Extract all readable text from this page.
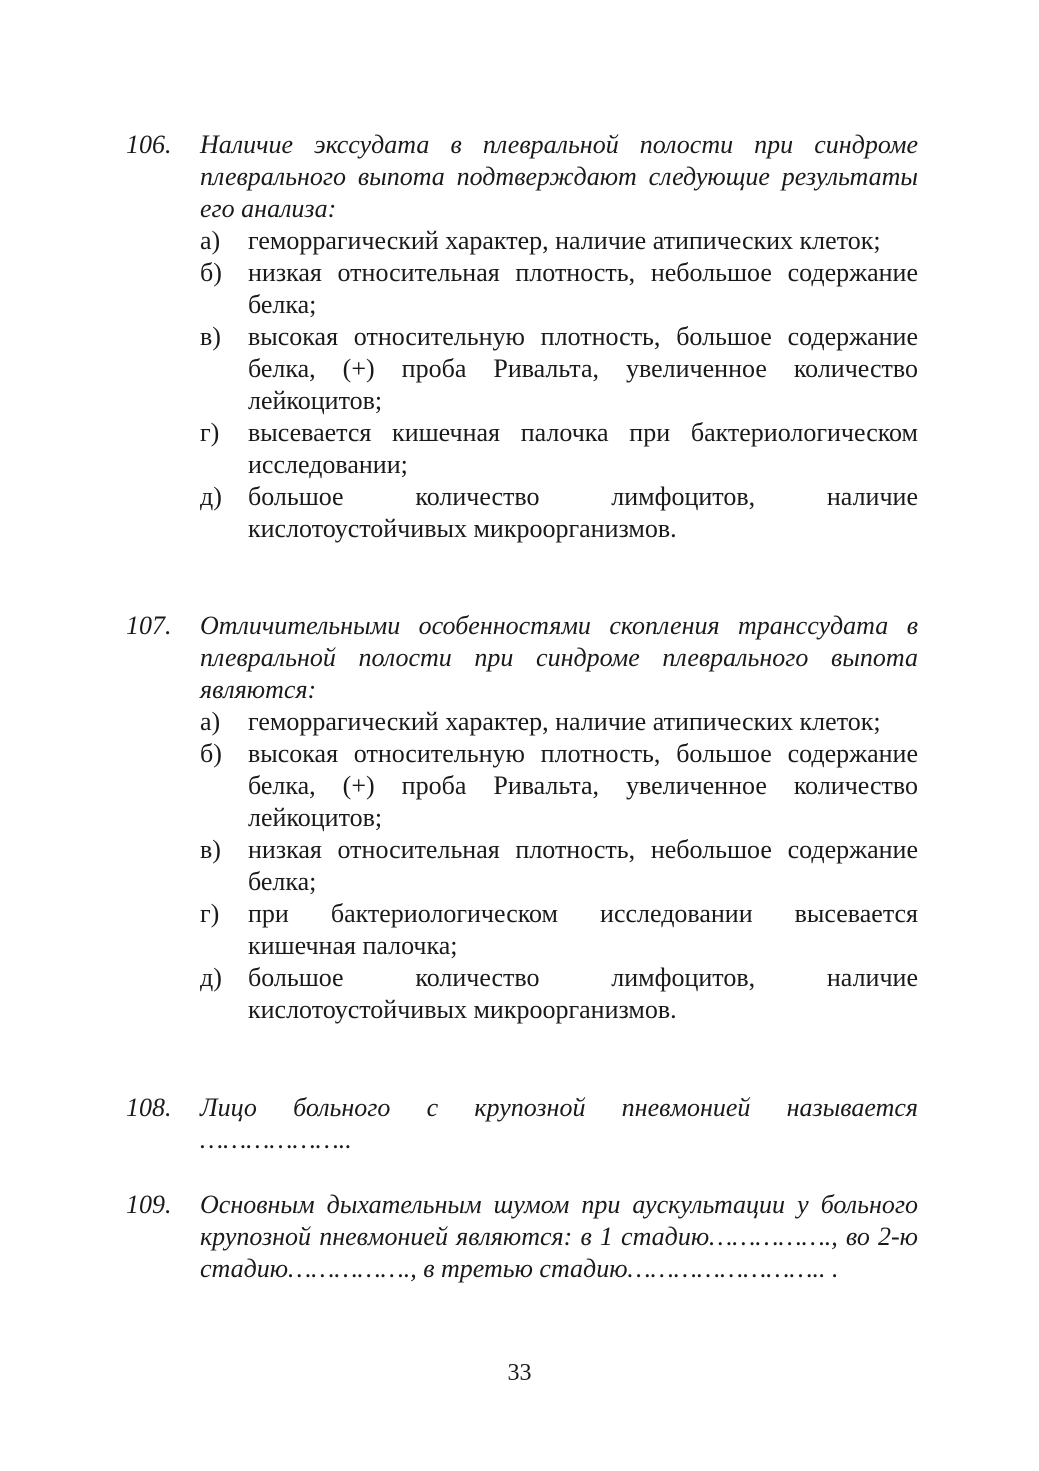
106.	Наличие экссудата в плевральной полости при синдроме плеврального выпота подтверждают следующие результаты его анализа:
а)	геморрагический характер, наличие атипических клеток;
б)	низкая относительная плотность, небольшое содержание белка;
в)	высокая относительную плотность, большое содержание белка, (+) проба Ривальта, увеличенное количество лейкоцитов;
г)	высевается кишечная палочка при бактериологическом исследовании;
д)	большое количество лимфоцитов, наличие кислотоустойчивых микроорганизмов.
107.	Отличительными особенностями скопления транссудата в плевральной полости при синдроме плеврального выпота являются:
а)	геморрагический характер, наличие атипических клеток;
б)	высокая относительную плотность, большое содержание белка, (+) проба Ривальта, увеличенное количество лейкоцитов;
в)	низкая относительная плотность, небольшое содержание белка;
г)	при бактериологическом исследовании высевается кишечная палочка;
д)	большое количество лимфоцитов, наличие кислотоустойчивых микроорганизмов.
108.	Лицо больного с крупозной пневмонией называется ………………..
109.	Основным дыхательным шумом при аускультации у больного крупозной пневмонией являются: в 1 стадию……………., во 2-ю стадию……………., в третью стадию…………………….. .
33
